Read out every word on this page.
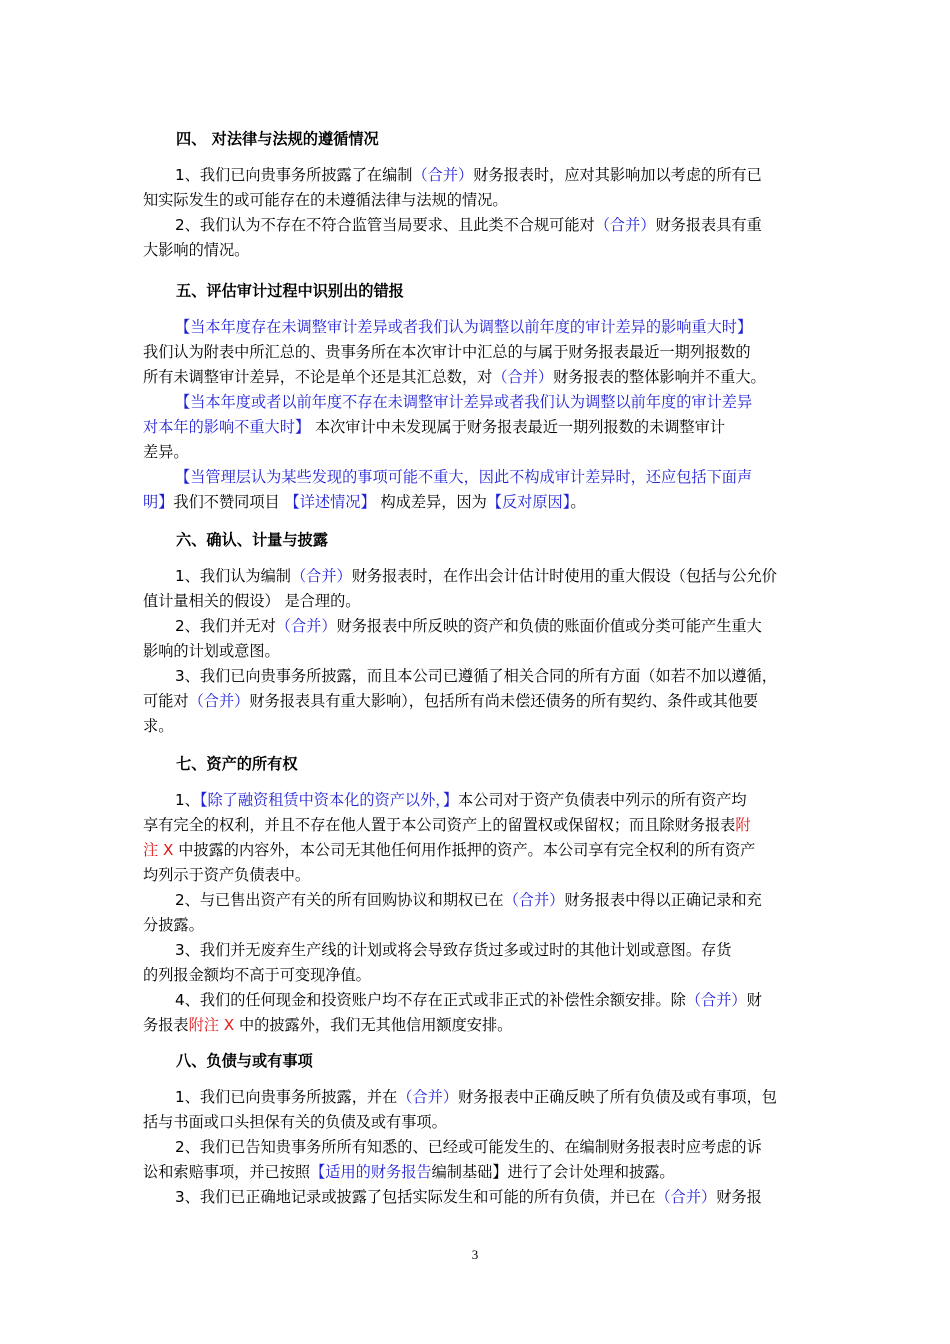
四、 对法律与法规的遵循情况
1、我们已向贵事务所披露了在编制（合并）财务报表时，应对其影响加以考虑的所有已
知实际发生的或可能存在的未遵循法律与法规的情况。
2、我们认为不存在不符合监管当局要求、且此类不合规可能对（合并）财务报表具有重
大影响的情况。
五、评估审计过程中识别出的错报
【当本年度存在未调整审计差异或者我们认为调整以前年度的审计差异的影响重大时】
我们认为附表中所汇总的、贵事务所在本次审计中汇总的与属于财务报表最近一期列报数的
所有未调整审计差异，不论是单个还是其汇总数，对（合并）财务报表的整体影响并不重大。
【当本年度或者以前年度不存在未调整审计差异或者我们认为调整以前年度的审计差异
对本年的影响不重大时】 本次审计中未发现属于财务报表最近一期列报数的未调整审计
差异。
【当管理层认为某些发现的事项可能不重大，因此不构成审计差异时，还应包括下面声
明】我们不赞同项目 【详述情况】 构成差异，因为【反对原因】。
六、确认、计量与披露
1、我们认为编制（合并）财务报表时，在作出会计估计时使用的重大假设（包括与公允价
值计量相关的假设） 是合理的。
2、我们并无对（合并）财务报表中所反映的资产和负债的账面价值或分类可能产生重大
影响的计划或意图。
3、我们已向贵事务所披露，而且本公司已遵循了相关合同的所有方面（如若不加以遵循，
可能对（合并）财务报表具有重大影响），包括所有尚未偿还债务的所有契约、条件或其他要
求。
七、资产的所有权
1、【除了融资租赁中资本化的资产以外，】本公司对于资产负债表中列示的所有资产均
享有完全的权利，并且不存在他人置于本公司资产上的留置权或保留权；而且除财务报表附
注 X 中披露的内容外，本公司无其他任何用作抵押的资产。本公司享有完全权利的所有资产
均列示于资产负债表中。
2、与已售出资产有关的所有回购协议和期权已在（合并）财务报表中得以正确记录和充
分披露。
3、我们并无废弃生产线的计划或将会导致存货过多或过时的其他计划或意图。存货
的列报金额均不高于可变现净值。
4、我们的任何现金和投资账户均不存在正式或非正式的补偿性余额安排。除（合并）财
务报表附注 X 中的披露外，我们无其他信用额度安排。
八、负债与或有事项
1、我们已向贵事务所披露，并在（合并）财务报表中正确反映了所有负债及或有事项，包
括与书面或口头担保有关的负债及或有事项。
2、我们已告知贵事务所所有知悉的、已经或可能发生的、在编制财务报表时应考虑的诉
讼和索赔事项，并已按照【适用的财务报告编制基础】进行了会计处理和披露。
3、我们已正确地记录或披露了包括实际发生和可能的所有负债，并已在（合并）财务报
3
